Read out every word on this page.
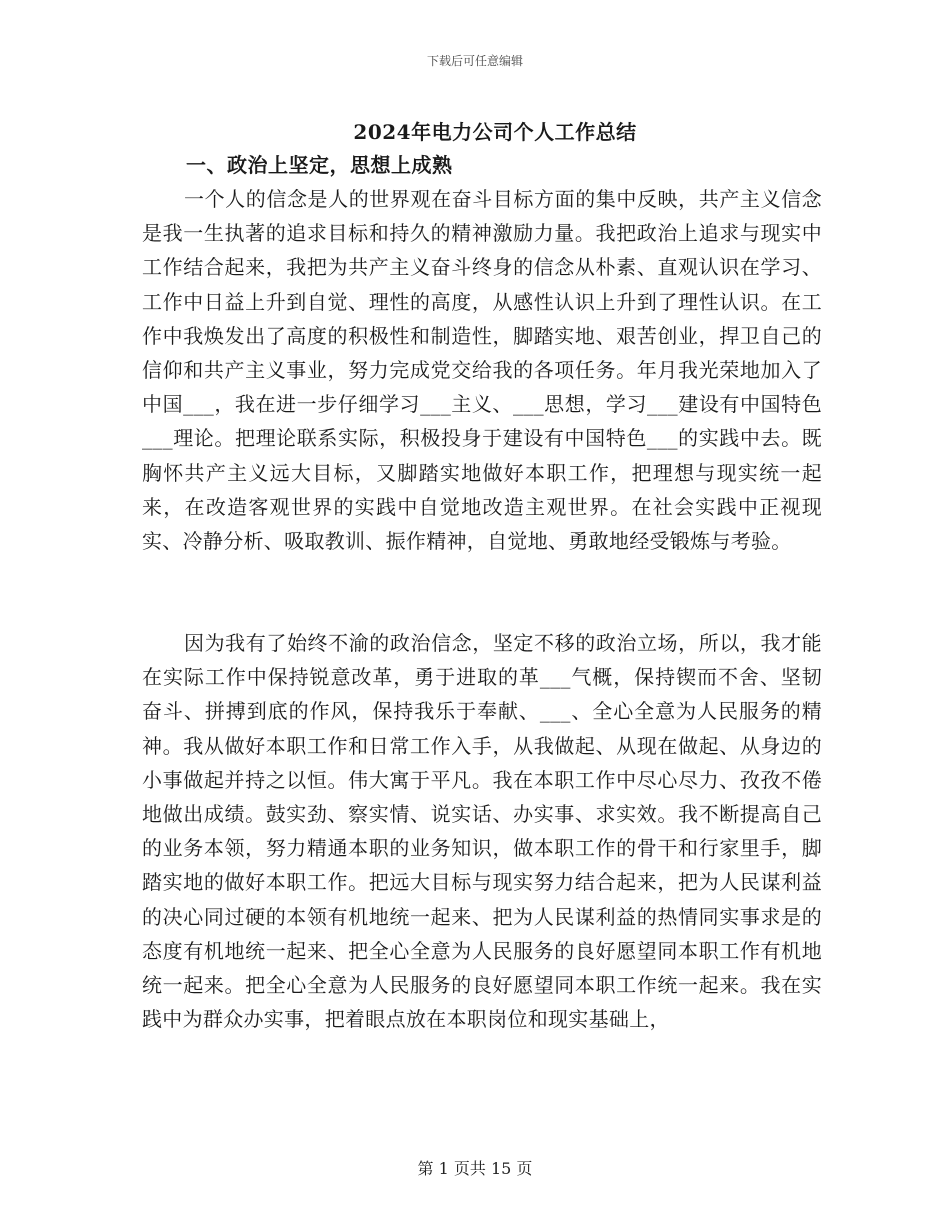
下载后可任意编辑
2024年电力公司个人工作总结
一、政治上坚定，思想上成熟

一个人的信念是人的世界观在奋斗目标方面的集中反映，共产主义信念是我一生执著的追求目标和持久的精神激励力量。我把政治上追求与现实中工作结合起来，我把为共产主义奋斗终身的信念从朴素、直观认识在学习、工作中日益上升到自觉、理性的高度，从感性认识上升到了理性认识。在工作中我焕发出了高度的积极性和制造性，脚踏实地、艰苦创业，捍卫自己的信仰和共产主义事业，努力完成党交给我的各项任务。年月我光荣地加入了中国___，我在进一步仔细学习___主义、___思想，学习___建设有中国特色___理论。把理论联系实际，积极投身于建设有中国特色___的实践中去。既胸怀共产主义远大目标，又脚踏实地做好本职工作，把理想与现实统一起来，在改造客观世界的实践中自觉地改造主观世界。在社会实践中正视现实、冷静分析、吸取教训、振作精神，自觉地、勇敢地经受锻炼与考验。

因为我有了始终不渝的政治信念，坚定不移的政治立场，所以，我才能在实际工作中保持锐意改革，勇于进取的革___气概，保持锲而不舍、坚韧奋斗、拼搏到底的作风，保持我乐于奉献、___、全心全意为人民服务的精神。我从做好本职工作和日常工作入手，从我做起、从现在做起、从身边的小事做起并持之以恒。伟大寓于平凡。我在本职工作中尽心尽力、孜孜不倦地做出成绩。鼓实劲、察实情、说实话、办实事、求实效。我不断提高自己的业务本领，努力精通本职的业务知识，做本职工作的骨干和行家里手，脚踏实地的做好本职工作。把远大目标与现实努力结合起来，把为人民谋利益的决心同过硬的本领有机地统一起来、把为人民谋利益的热情同实事求是的态度有机地统一起来、把全心全意为人民服务的良好愿望同本职工作有机地统一起来。把全心全意为人民服务的良好愿望同本职工作统一起来。我在实践中为群众办实事，把着眼点放在本职岗位和现实基础上，

第 1 页共 15 页
